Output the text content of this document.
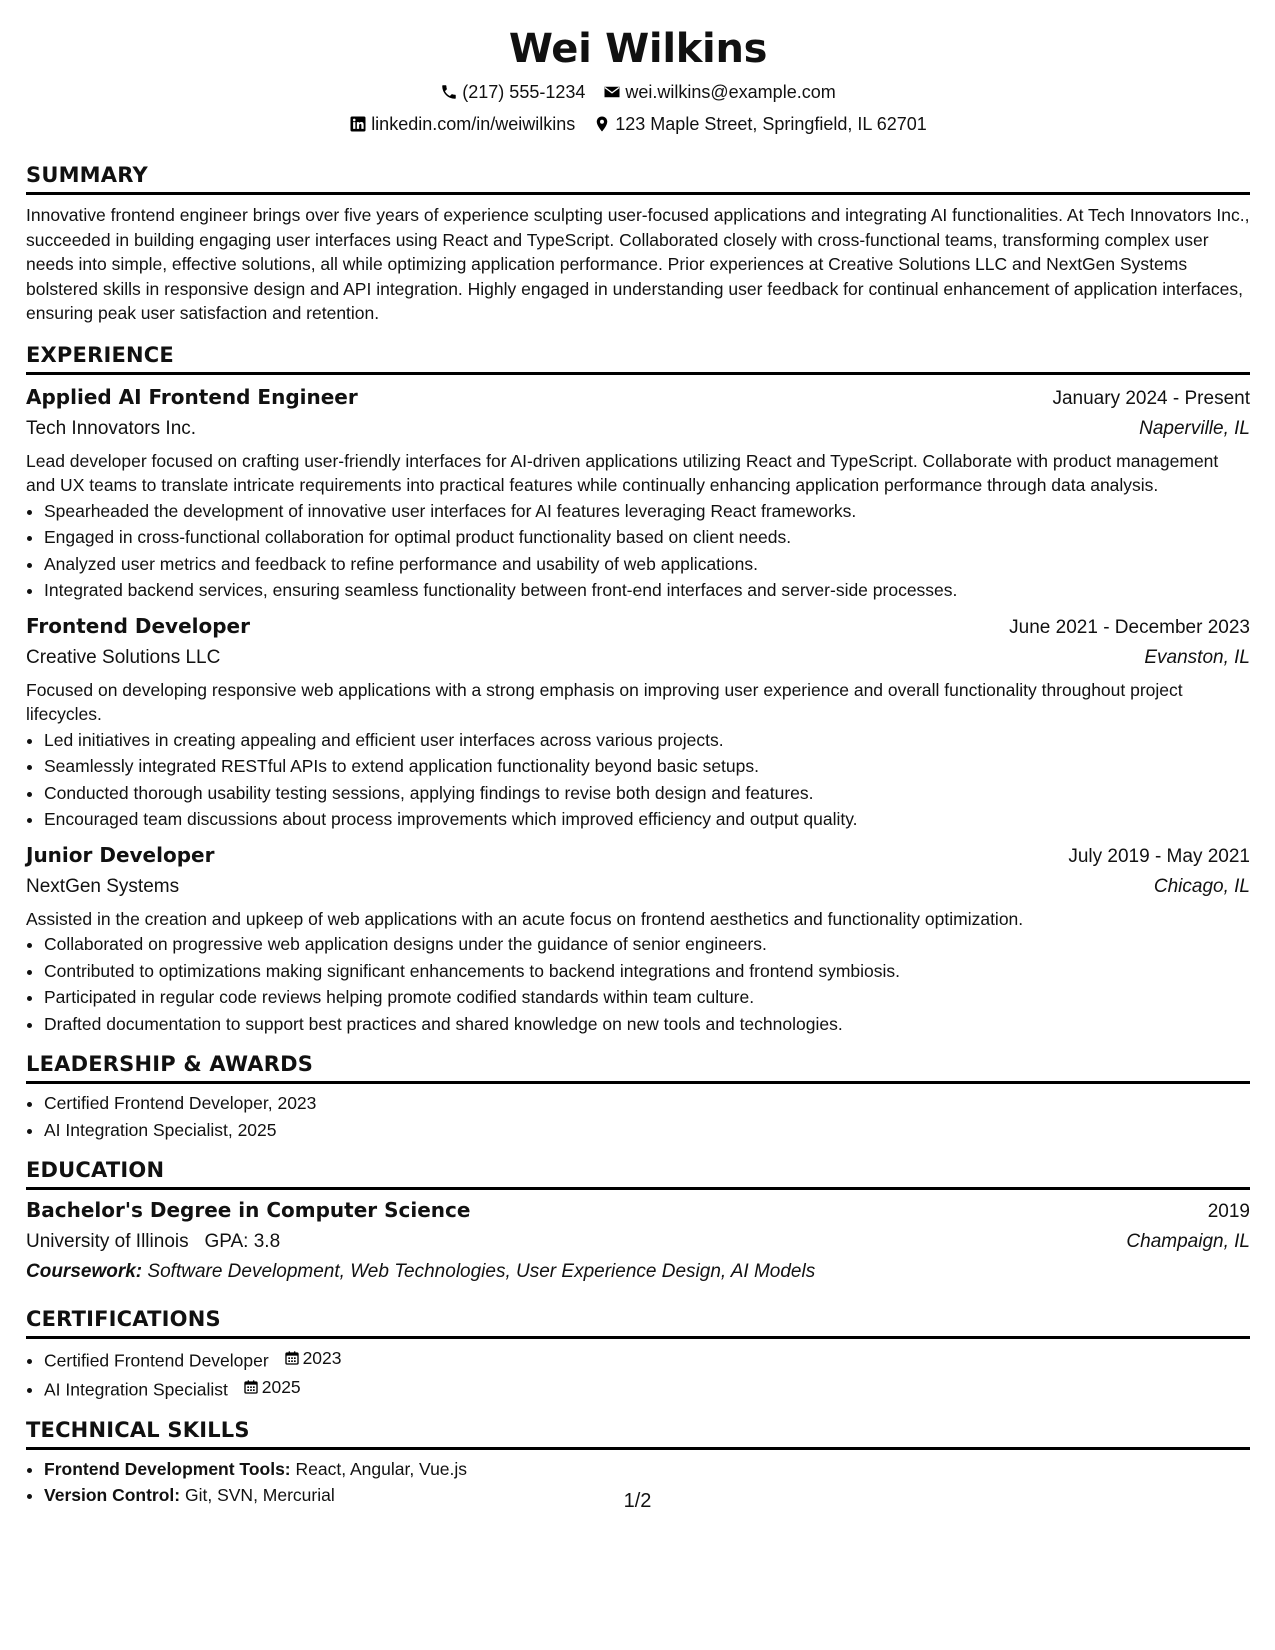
Wei Wilkins
(217) 555-1234 wei.wilkins@example.com
linkedin.com/in/weiwilkins 123 Maple Street, Springfield, IL 62701
SUMMARY
Innovative frontend engineer brings over five years of experience sculpting user-focused applications and integrating AI functionalities. At Tech Innovators Inc., succeeded in building engaging user interfaces using React and TypeScript. Collaborated closely with cross-functional teams, transforming complex user needs into simple, effective solutions, all while optimizing application performance. Prior experiences at Creative Solutions LLC and NextGen Systems bolstered skills in responsive design and API integration. Highly engaged in understanding user feedback for continual enhancement of application interfaces, ensuring peak user satisfaction and retention.
EXPERIENCE
Applied AI Frontend Engineer	January 2024 - Present
Tech Innovators Inc.	Naperville, IL
Lead developer focused on crafting user-friendly interfaces for AI-driven applications utilizing React and TypeScript. Collaborate with product management and UX teams to translate intricate requirements into practical features while continually enhancing application performance through data analysis.
• Spearheaded the development of innovative user interfaces for AI features leveraging React frameworks.
• Engaged in cross-functional collaboration for optimal product functionality based on client needs.
• Analyzed user metrics and feedback to refine performance and usability of web applications.
• Integrated backend services, ensuring seamless functionality between front-end interfaces and server-side processes.
Frontend Developer	June 2021 - December 2023
Creative Solutions LLC	Evanston, IL
Focused on developing responsive web applications with a strong emphasis on improving user experience and overall functionality throughout project lifecycles.
• Led initiatives in creating appealing and efficient user interfaces across various projects.
• Seamlessly integrated RESTful APIs to extend application functionality beyond basic setups.
• Conducted thorough usability testing sessions, applying findings to revise both design and features.
• Encouraged team discussions about process improvements which improved efficiency and output quality.
Junior Developer	July 2019 - May 2021
NextGen Systems	Chicago, IL
Assisted in the creation and upkeep of web applications with an acute focus on frontend aesthetics and functionality optimization.
• Collaborated on progressive web application designs under the guidance of senior engineers.
• Contributed to optimizations making significant enhancements to backend integrations and frontend symbiosis.
• Participated in regular code reviews helping promote codified standards within team culture.
• Drafted documentation to support best practices and shared knowledge on new tools and technologies.
LEADERSHIP & AWARDS
• Certified Frontend Developer, 2023
• AI Integration Specialist, 2025
EDUCATION
Bachelor's Degree in Computer Science	2019
University of Illinois GPA: 3.8	Champaign, IL
Coursework: Software Development, Web Technologies, User Experience Design, AI Models
CERTIFICATIONS
• Certified Frontend Developer 2023
• AI Integration Specialist 2025
TECHNICAL SKILLS
• Frontend Development Tools: React, Angular, Vue.js
• Version Control: Git, SVN, Mercurial	1/2
